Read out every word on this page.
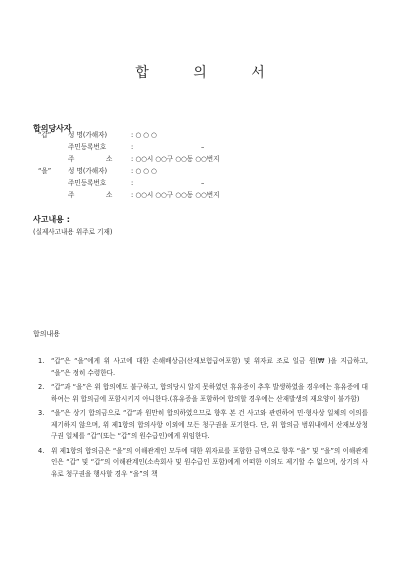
합 의 서
합의당사자
“갑”	성 명(가해자)	: ○ ○ ○
주민등록번호	:	–
주	소	: ○○시 ○○구 ○○동 ○○번지
“을”	성 명(가해자)	: ○ ○ ○
주민등록번호	:	–
주	소	: ○○시 ○○구 ○○동 ○○번지
사고내용 :
(실제사고내용 위주로 기재)
합의내용
1. “갑”은 “을”에게 위 사고에 대한 손해배상금(산재보험급여포함) 및 위자료 조로 일금 원(₩ )을 지급하고, “을”은 정히 수령한다.
2. “갑”과 “을”은 위 합의에도 불구하고, 합의당시 알지 못하였던 휴유증이 추후 발생하였을 경우에는 휴유증에 대하여는 위 합의금에 포함시키지 아니한다.(휴유증을 포함하여 합의할 경우에는 산재발생의 재요양이 불가함)
3. “을”은 상기 합의금으로 “갑”과 원만히 합의하였으므로 향후 본 건 사고와 관련하여 민·형사상 일체의 이의를 제기하지 않으며, 위 제1항의 합의사항 이외에 모든 청구권을 포기한다. 단, 위 합의금 범위내에서 산재보상청구권 일체를 “갑”(또는 “갑”의 원수급인)에게 위임한다.
4. 위 제1항의 합의금은 “을”의 이해관계인 모두에 대한 위자료를 포함한 금액으로 향후 “을” 및 “을”의 이해관계인은 “갑” 및 “갑”의 이해관계인(소속회사 및 원수급인 포함)에게 어떠한 이의도 제기할 수 없으며, 상기의 사유로 청구권을 행사할 경우 “을”의 책
